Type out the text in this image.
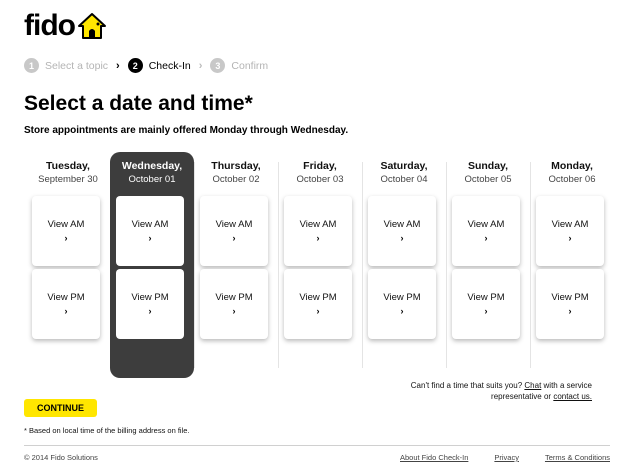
fido
1	Select a topic ›	2	Check-In ›	3	Confirm
Select a date and time*

Store appointments are mainly offered Monday through Wednesday.

Tuesday,
September 30
View AM
›
View PM
›
Wednesday,
October 01
View AM
›
View PM
›
Thursday,
October 02
View AM
›
View PM
›
Friday,
October 03
View AM
›
View PM
›
Saturday,
October 04
View AM
›
View PM
›
Sunday,
October 05
View AM
›
View PM
›
Monday,
October 06
View AM
›
View PM
›
Can't find a time that suits you? Chat with a service representative or contact us.
CONTINUE

* Based on local time of the billing address on file.

© 2014 Fido Solutions	About Fido Check-In	Privacy	Terms & Conditions
